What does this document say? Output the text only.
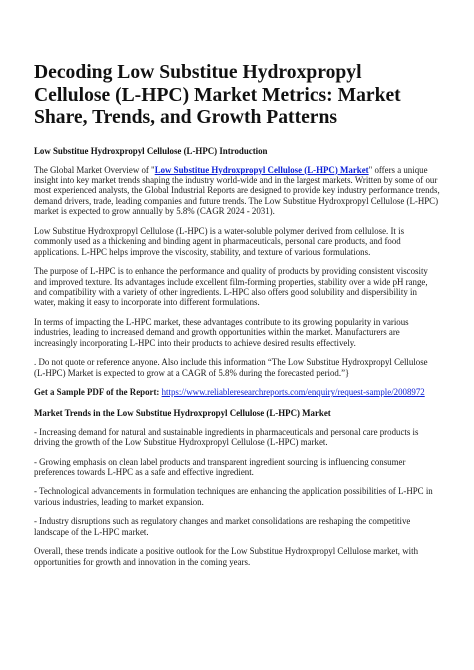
Decoding Low Substitue Hydroxpropyl Cellulose (L-HPC) Market Metrics: Market Share, Trends, and Growth Patterns
Low Substitue Hydroxpropyl Cellulose (L-HPC) Introduction

The Global Market Overview of "Low Substitue Hydroxpropyl Cellulose (L-HPC) Market" offers a unique insight into key market trends shaping the industry world-wide and in the largest markets. Written by some of our most experienced analysts, the Global Industrial Reports are designed to provide key industry performance trends, demand drivers, trade, leading companies and future trends. The Low Substitue Hydroxpropyl Cellulose (L-HPC) market is expected to grow annually by 5.8% (CAGR 2024 - 2031).

Low Substitue Hydroxpropyl Cellulose (L-HPC) is a water-soluble polymer derived from cellulose. It is commonly used as a thickening and binding agent in pharmaceuticals, personal care products, and food applications. L-HPC helps improve the viscosity, stability, and texture of various formulations.

The purpose of L-HPC is to enhance the performance and quality of products by providing consistent viscosity and improved texture. Its advantages include excellent film-forming properties, stability over a wide pH range, and compatibility with a variety of other ingredients. L-HPC also offers good solubility and dispersibility in water, making it easy to incorporate into different formulations.

In terms of impacting the L-HPC market, these advantages contribute to its growing popularity in various industries, leading to increased demand and growth opportunities within the market. Manufacturers are increasingly incorporating L-HPC into their products to achieve desired results effectively.

. Do not quote or reference anyone. Also include this information “The Low Substitue Hydroxpropyl Cellulose (L-HPC) Market is expected to grow at a CAGR of 5.8% during the forecasted period.”}

Get a Sample PDF of the Report: https://www.reliableresearchreports.com/enquiry/request-sample/2008972

Market Trends in the Low Substitue Hydroxpropyl Cellulose (L-HPC) Market

- Increasing demand for natural and sustainable ingredients in pharmaceuticals and personal care products is driving the growth of the Low Substitue Hydroxpropyl Cellulose (L-HPC) market.

- Growing emphasis on clean label products and transparent ingredient sourcing is influencing consumer preferences towards L-HPC as a safe and effective ingredient.

- Technological advancements in formulation techniques are enhancing the application possibilities of L-HPC in various industries, leading to market expansion.

- Industry disruptions such as regulatory changes and market consolidations are reshaping the competitive landscape of the L-HPC market.

Overall, these trends indicate a positive outlook for the Low Substitue Hydroxpropyl Cellulose market, with opportunities for growth and innovation in the coming years.
